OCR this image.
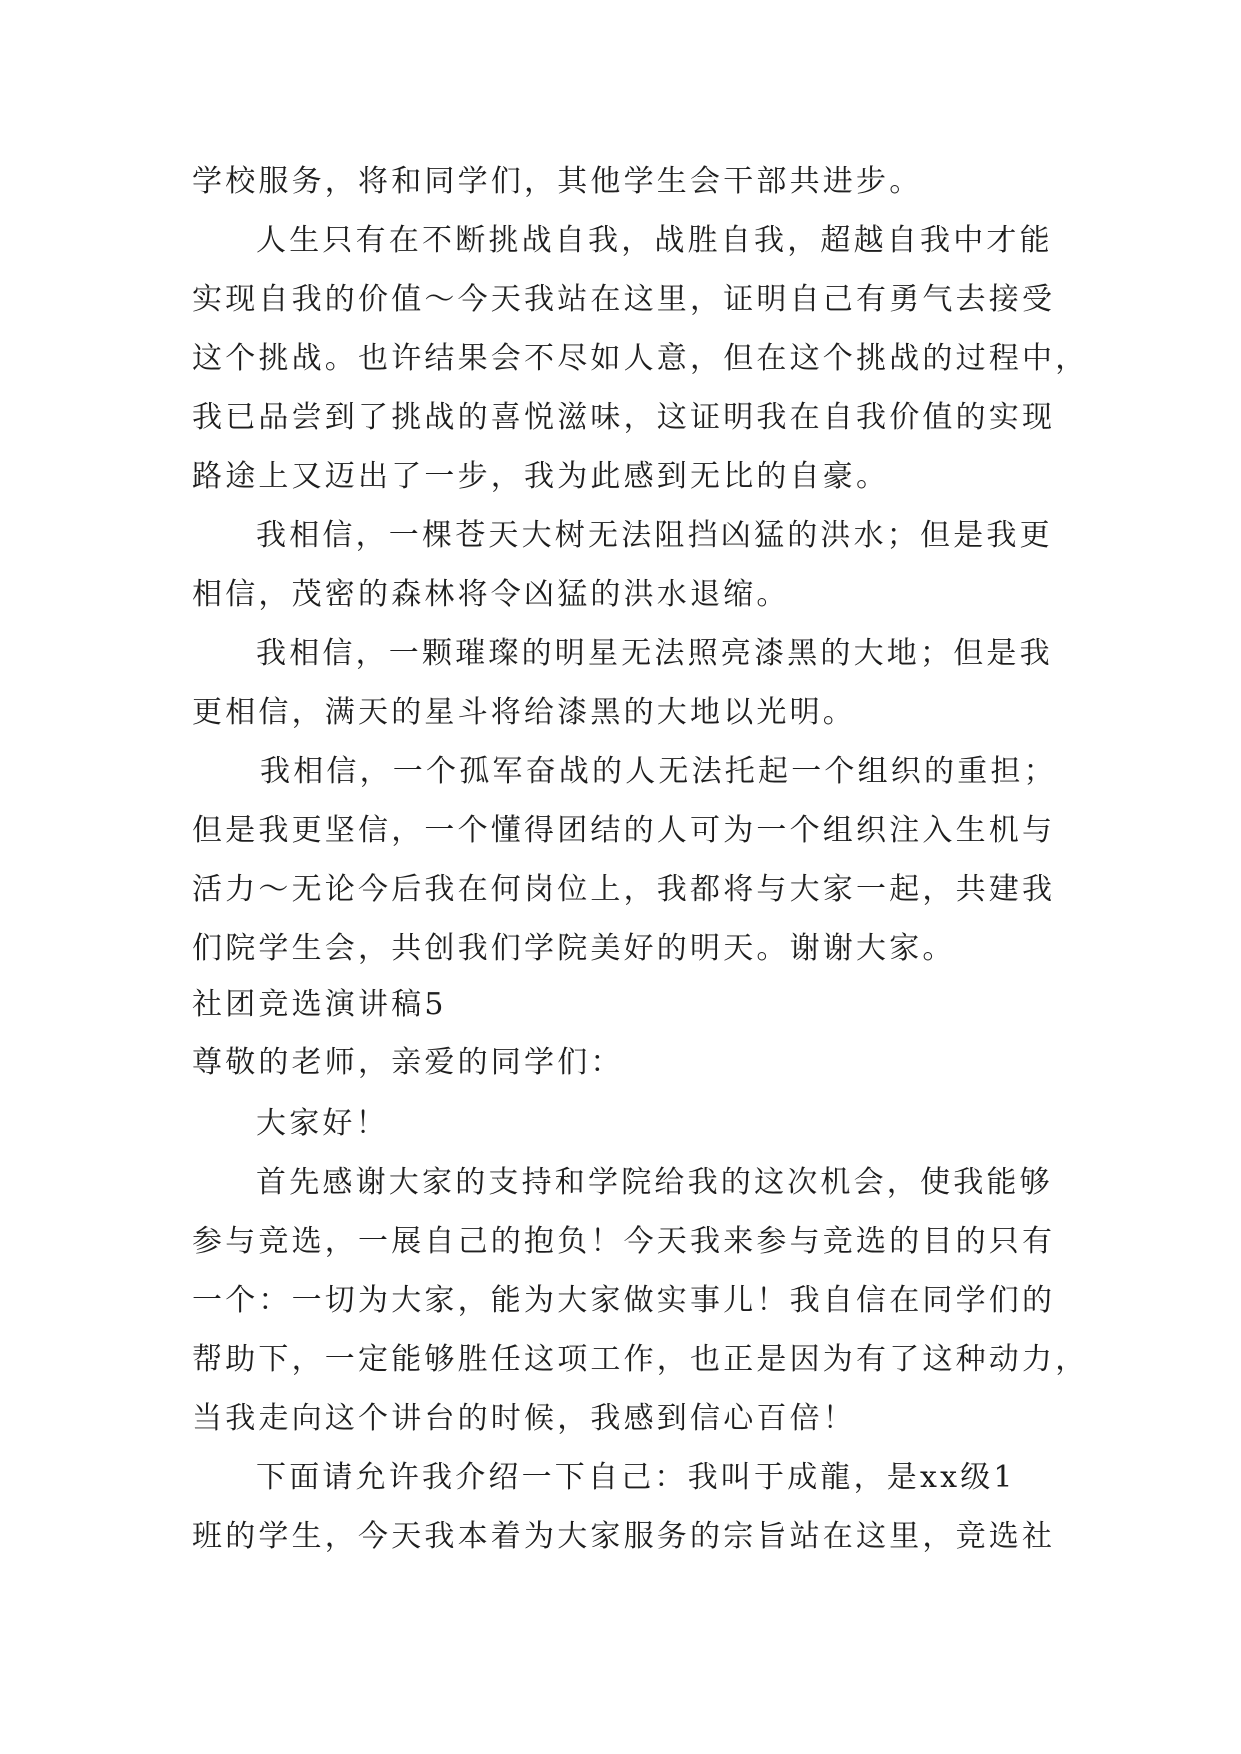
学校服务，将和同学们，其他学生会干部共进步。
人生只有在不断挑战自我，战胜自我，超越自我中才能
实现自我的价值～今天我站在这里，证明自己有勇气去接受
这个挑战。也许结果会不尽如人意，但在这个挑战的过程中，
我已品尝到了挑战的喜悦滋味，这证明我在自我价值的实现
路途上又迈出了一步，我为此感到无比的自豪。
我相信，一棵苍天大树无法阻挡凶猛的洪水；但是我更
相信，茂密的森林将令凶猛的洪水退缩。
我相信，一颗璀璨的明星无法照亮漆黑的大地；但是我
更相信，满天的星斗将给漆黑的大地以光明。
我相信，一个孤军奋战的人无法托起一个组织的重担；
但是我更坚信，一个懂得团结的人可为一个组织注入生机与
活力～无论今后我在何岗位上，我都将与大家一起，共建我
们院学生会，共创我们学院美好的明天。谢谢大家。
社团竞选演讲稿5
尊敬的老师，亲爱的同学们：
大家好！
首先感谢大家的支持和学院给我的这次机会，使我能够
参与竞选，一展自己的抱负！今天我来参与竞选的目的只有
一个：一切为大家，能为大家做实事儿！我自信在同学们的
帮助下，一定能够胜任这项工作，也正是因为有了这种动力，
当我走向这个讲台的时候，我感到信心百倍！
下面请允许我介绍一下自己：我叫于成龍，是xx级1
班的学生，今天我本着为大家服务的宗旨站在这里，竞选社
